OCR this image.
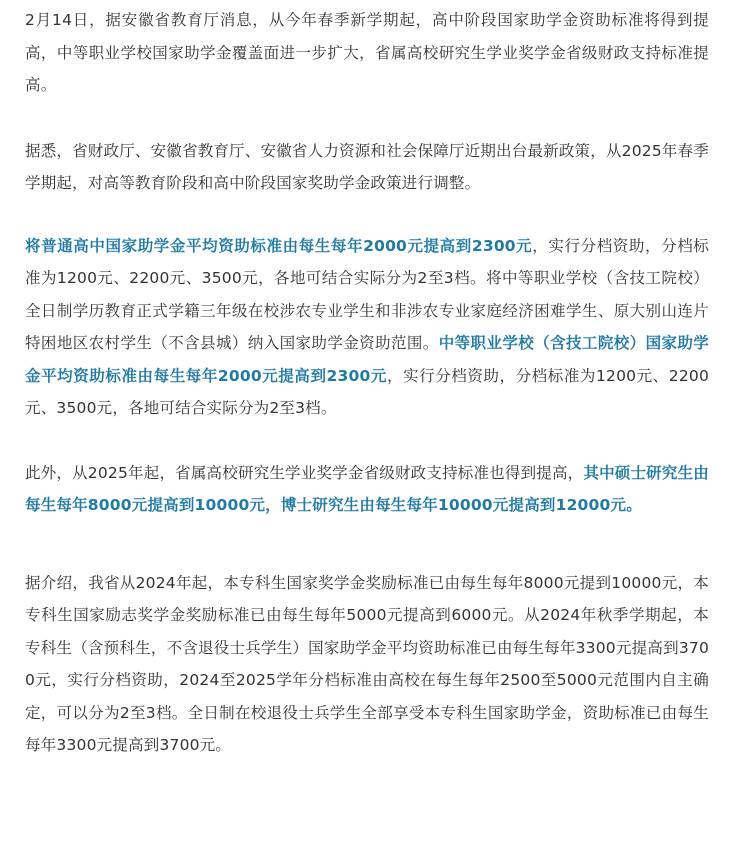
2月14日，据安徽省教育厅消息，从今年春季新学期起，高中阶段国家助学金资助标准将得到提高，中等职业学校国家助学金覆盖面进一步扩大，省属高校研究生学业奖学金省级财政支持标准提高。

据悉，省财政厅、安徽省教育厅、安徽省人力资源和社会保障厅近期出台最新政策，从2025年春季学期起，对高等教育阶段和高中阶段国家奖助学金政策进行调整。

将普通高中国家助学金平均资助标准由每生每年2000元提高到2300元，实行分档资助，分档标准为1200元、2200元、3500元，各地可结合实际分为2至3档。将中等职业学校（含技工院校）全日制学历教育正式学籍三年级在校涉农专业学生和非涉农专业家庭经济困难学生、原大别山连片特困地区农村学生（不含县城）纳入国家助学金资助范围。中等职业学校（含技工院校）国家助学金平均资助标准由每生每年2000元提高到2300元，实行分档资助，分档标准为1200元、2200元、3500元，各地可结合实际分为2至3档。

此外，从2025年起，省属高校研究生学业奖学金省级财政支持标准也得到提高，其中硕士研究生由每生每年8000元提高到10000元，博士研究生由每生每年10000元提高到12000元。

据介绍，我省从2024年起，本专科生国家奖学金奖励标准已由每生每年8000元提到10000元，本专科生国家励志奖学金奖励标准已由每生每年5000元提高到6000元。从2024年秋季学期起，本专科生（含预科生，不含退役士兵学生）国家助学金平均资助标准已由每生每年3300元提高到3700元，实行分档资助，2024至2025学年分档标准由高校在每生每年2500至5000元范围内自主确定，可以分为2至3档。全日制在校退役士兵学生全部享受本专科生国家助学金，资助标准已由每生每年3300元提高到3700元。
